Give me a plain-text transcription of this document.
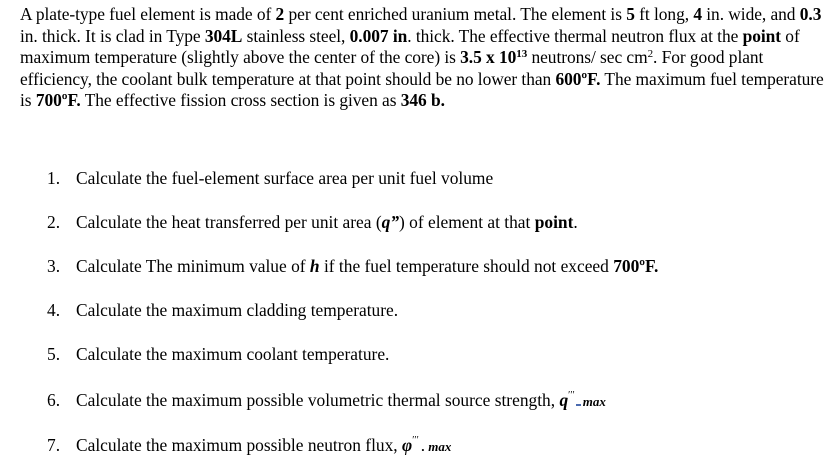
A plate-type fuel element is made of 2 per cent enriched uranium metal. The element is 5 ft long, 4 in. wide, and 0.3 in. thick. It is clad in Type 304L stainless steel, 0.007 in. thick. The effective thermal neutron flux at the point of maximum temperature (slightly above the center of the core) is 3.5 x $10^{13}$ neutrons/ $\sec cm^2$. For good plant efficiency, the coolant bulk temperature at that point should be no lower than 600ºF. The maximum fuel temperature is 700ºF. The effective fission cross section is given as 346 b.

1. Calculate the fuel-element surface area per unit fuel volume
2. Calculate the heat transferred per unit area (q”) of element at that point.
3. Calculate The minimum value of h if the fuel temperature should not exceed 700ºF.
4. Calculate the maximum cladding temperature.
5. Calculate the maximum coolant temperature.
6. Calculate the maximum possible volumetric thermal source strength, q′′′ max
7. Calculate the maximum possible neutron flux, φ′′′ . max
